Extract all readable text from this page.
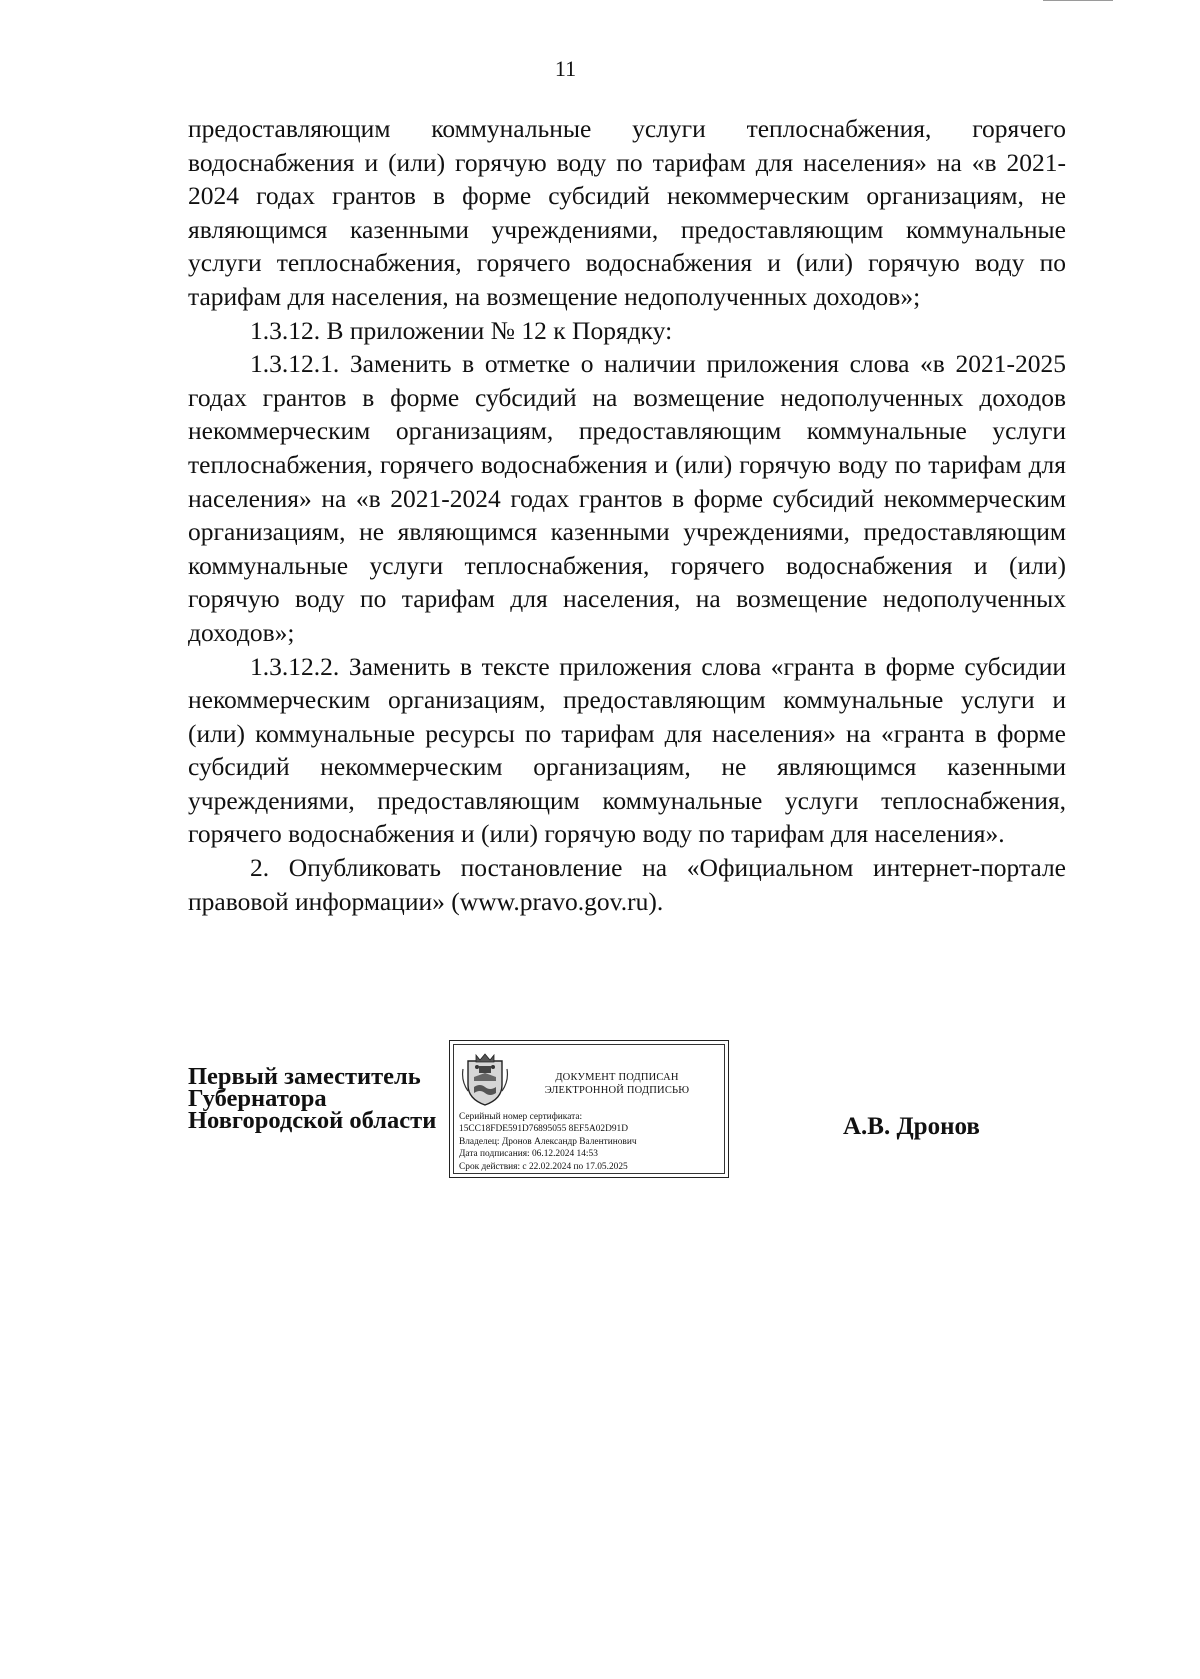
11

предоставляющим коммунальные услуги теплоснабжения, горячего водоснабжения и (или) горячую воду по тарифам для населения» на «в 2021-2024 годах грантов в форме субсидий некоммерческим организациям, не являющимся казенными учреждениями, предоставляющим коммунальные услуги теплоснабжения, горячего водоснабжения и (или) горячую воду по тарифам для населения, на возмещение недополученных доходов»;

1.3.12. В приложении № 12 к Порядку:

1.3.12.1. Заменить в отметке о наличии приложения слова «в 2021-2025 годах грантов в форме субсидий на возмещение недополученных доходов некоммерческим организациям, предоставляющим коммунальные услуги теплоснабжения, горячего водоснабжения и (или) горячую воду по тарифам для населения» на «в 2021-2024 годах грантов в форме субсидий некоммерческим организациям, не являющимся казенными учреждениями, предоставляющим коммунальные услуги теплоснабжения, горячего водоснабжения и (или) горячую воду по тарифам для населения, на возмещение недополученных доходов»;

1.3.12.2. Заменить в тексте приложения слова «гранта в форме субсидии некоммерческим организациям, предоставляющим коммунальные услуги и (или) коммунальные ресурсы по тарифам для населения» на «гранта в форме субсидий некоммерческим организациям, не являющимся казенными учреждениями, предоставляющим коммунальные услуги теплоснабжения, горячего водоснабжения и (или) горячую воду по тарифам для населения».

2. Опубликовать постановление на «Официальном интернет-портале правовой информации» (www.pravo.gov.ru).

Первый заместитель
Губернатора
Новгородской области
ДОКУМЕНТ ПОДПИСАН
ЭЛЕКТРОННОЙ ПОДПИСЬЮ
Серийный номер сертификата:
15CC18FDE591D76895055 8EF5A02D91D
Владелец: Дронов Александр Валентинович
Дата подписания: 06.12.2024 14:53
Срок действия: с 22.02.2024 по 17.05.2025
А.В. Дронов
